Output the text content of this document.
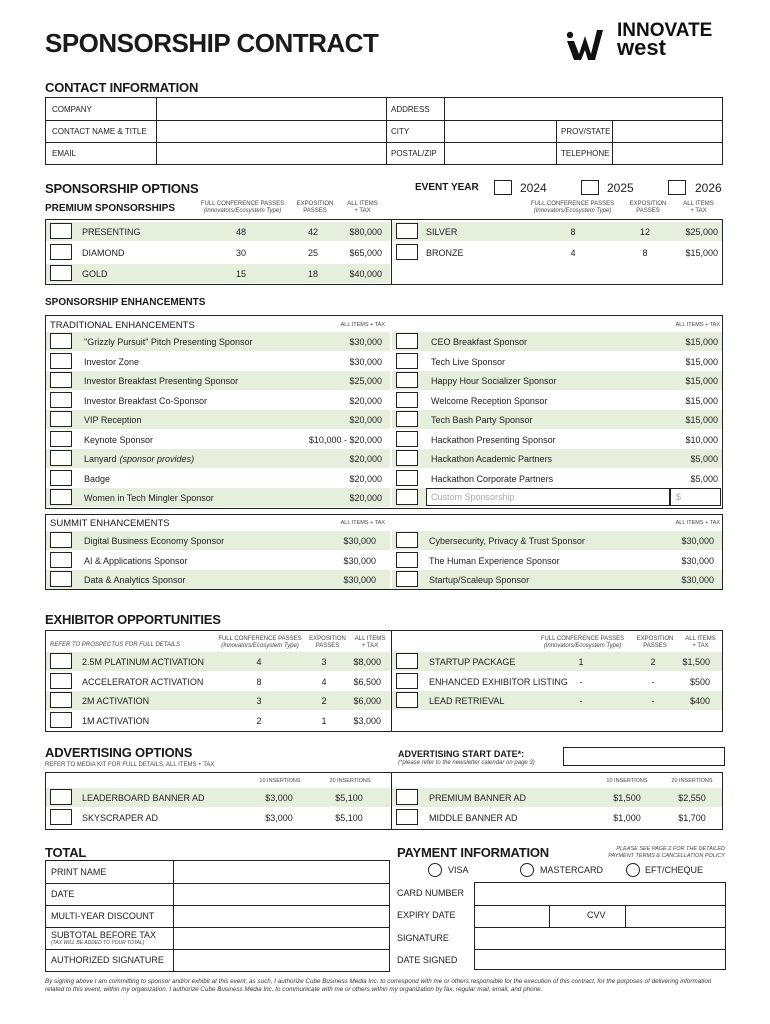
SPONSORSHIP CONTRACT	INNOVATE
west
CONTACT INFORMATION
COMPANY	ADDRESS
CONTACT NAME & TITLE	CITY	PROV/STATE
EMAIL	POSTAL/ZIP	TELEPHONE
SPONSORSHIP OPTIONS	EVENT YEAR	2024	2025	2026
PREMIUM SPONSORSHIPS	FULL CONFERENCE PASSES
(Innovators/Ecosystem Type)
EXPOSITION
PASSES
ALL ITEMS
+ TAX
FULL CONFERENCE PASSES
(Innovators/Ecosystem Type)
EXPOSITION
PASSES
ALL ITEMS
+ TAX
PRESENTING	48	42	$80,000
DIAMOND	30	25	$65,000
GOLD	15	18	$40,000
SILVER	8	12	$25,000
BRONZE	4	8	$15,000
SPONSORSHIP ENHANCEMENTS
TRADITIONAL ENHANCEMENTS	ALL ITEMS + TAX	ALL ITEMS + TAX
"Grizzly Pursuit" Pitch Presenting Sponsor	$30,000
Investor Zone	$30,000
Investor Breakfast Presenting Sponsor	$25,000
Investor Breakfast Co-Sponsor	$20,000
VIP Reception	$20,000
Keynote Sponsor	$10,000 - $20,000
Lanyard (sponsor provides)	$20,000
Badge	$20,000
Women in Tech Mingler Sponsor	$20,000
CEO Breakfast Sponsor	$15,000
Tech Live Sponsor	$15,000
Happy Hour Socializer Sponsor	$15,000
Welcome Reception Sponsor	$15,000
Tech Bash Party Sponsor	$15,000
Hackathon Presenting Sponsor	$10,000
Hackathon Academic Partners	$5,000
Hackathon Corporate Partners	$5,000
Custom Sponsorship	$
SUMMIT ENHANCEMENTS	ALL ITEMS + TAX	ALL ITEMS + TAX
Digital Business Economy Sponsor	$30,000
AI & Applications Sponsor	$30,000
Data & Analytics Sponsor	$30,000
Cybersecurity, Privacy & Trust Sponsor	$30,000
The Human Experience Sponsor	$30,000
Startup/Scaleup Sponsor	$30,000
EXHIBITOR OPPORTUNITIES
REFER TO PROSPECTUS FOR FULL DETAILS
FULL CONFERENCE PASSES
(Innovators/Ecosystem Type)
EXPOSITION
PASSES
ALL ITEMS
+ TAX
FULL CONFERENCE PASSES
(Innovators/Ecosystem Type)
EXPOSITION
PASSES
ALL ITEMS
+ TAX
2.5M PLATINUM ACTIVATION	4	3	$8,000
ACCELERATOR ACTIVATION	8	4	$6,500
2M ACTIVATION	3	2	$6,000
1M ACTIVATION	2	1	$3,000
STARTUP PACKAGE	1	2	$1,500
ENHANCED EXHIBITOR LISTING	-	-	$500
LEAD RETRIEVAL	-	-	$400
ADVERTISING OPTIONS
REFER TO MEDIA KIT FOR FULL DETAILS, ALL ITEMS + TAX
ADVERTISING START DATE*:
(*please refer to the newsletter calendar on page 3)
10 INSERTIONS	20 INSERTIONS	10 INSERTIONS	20 INSERTIONS
LEADERBOARD BANNER AD	$3,000	$5,100
SKYSCRAPER AD	$3,000	$5,100
PREMIUM BANNER AD	$1,500	$2,550
MIDDLE BANNER AD	$1,000	$1,700
TOTAL
PRINT NAME
DATE
MULTI-YEAR DISCOUNT
SUBTOTAL BEFORE TAX
(TAX WILL BE ADDED TO YOUR TOTAL)
AUTHORIZED SIGNATURE
PAYMENT INFORMATION	PLEASE SEE PAGE 2 FOR THE DETAILED
PAYMENT TERMS & CANCELLATION POLICY
VISA	MASTERCARD	EFT/CHEQUE
CARD NUMBER
EXPIRY DATE	CVV
SIGNATURE
DATE SIGNED
By signing above I am committing to sponsor and/or exhibit at this event, as such, I authorize Cube Business Media Inc. to correspond with me or others responsible for the execution of this contract, for the purposes of delivering information related to this event, within my organization. I authorize Cube Business Media Inc. to communicate with me or others within my organization by fax, regular mail, email, and phone.
